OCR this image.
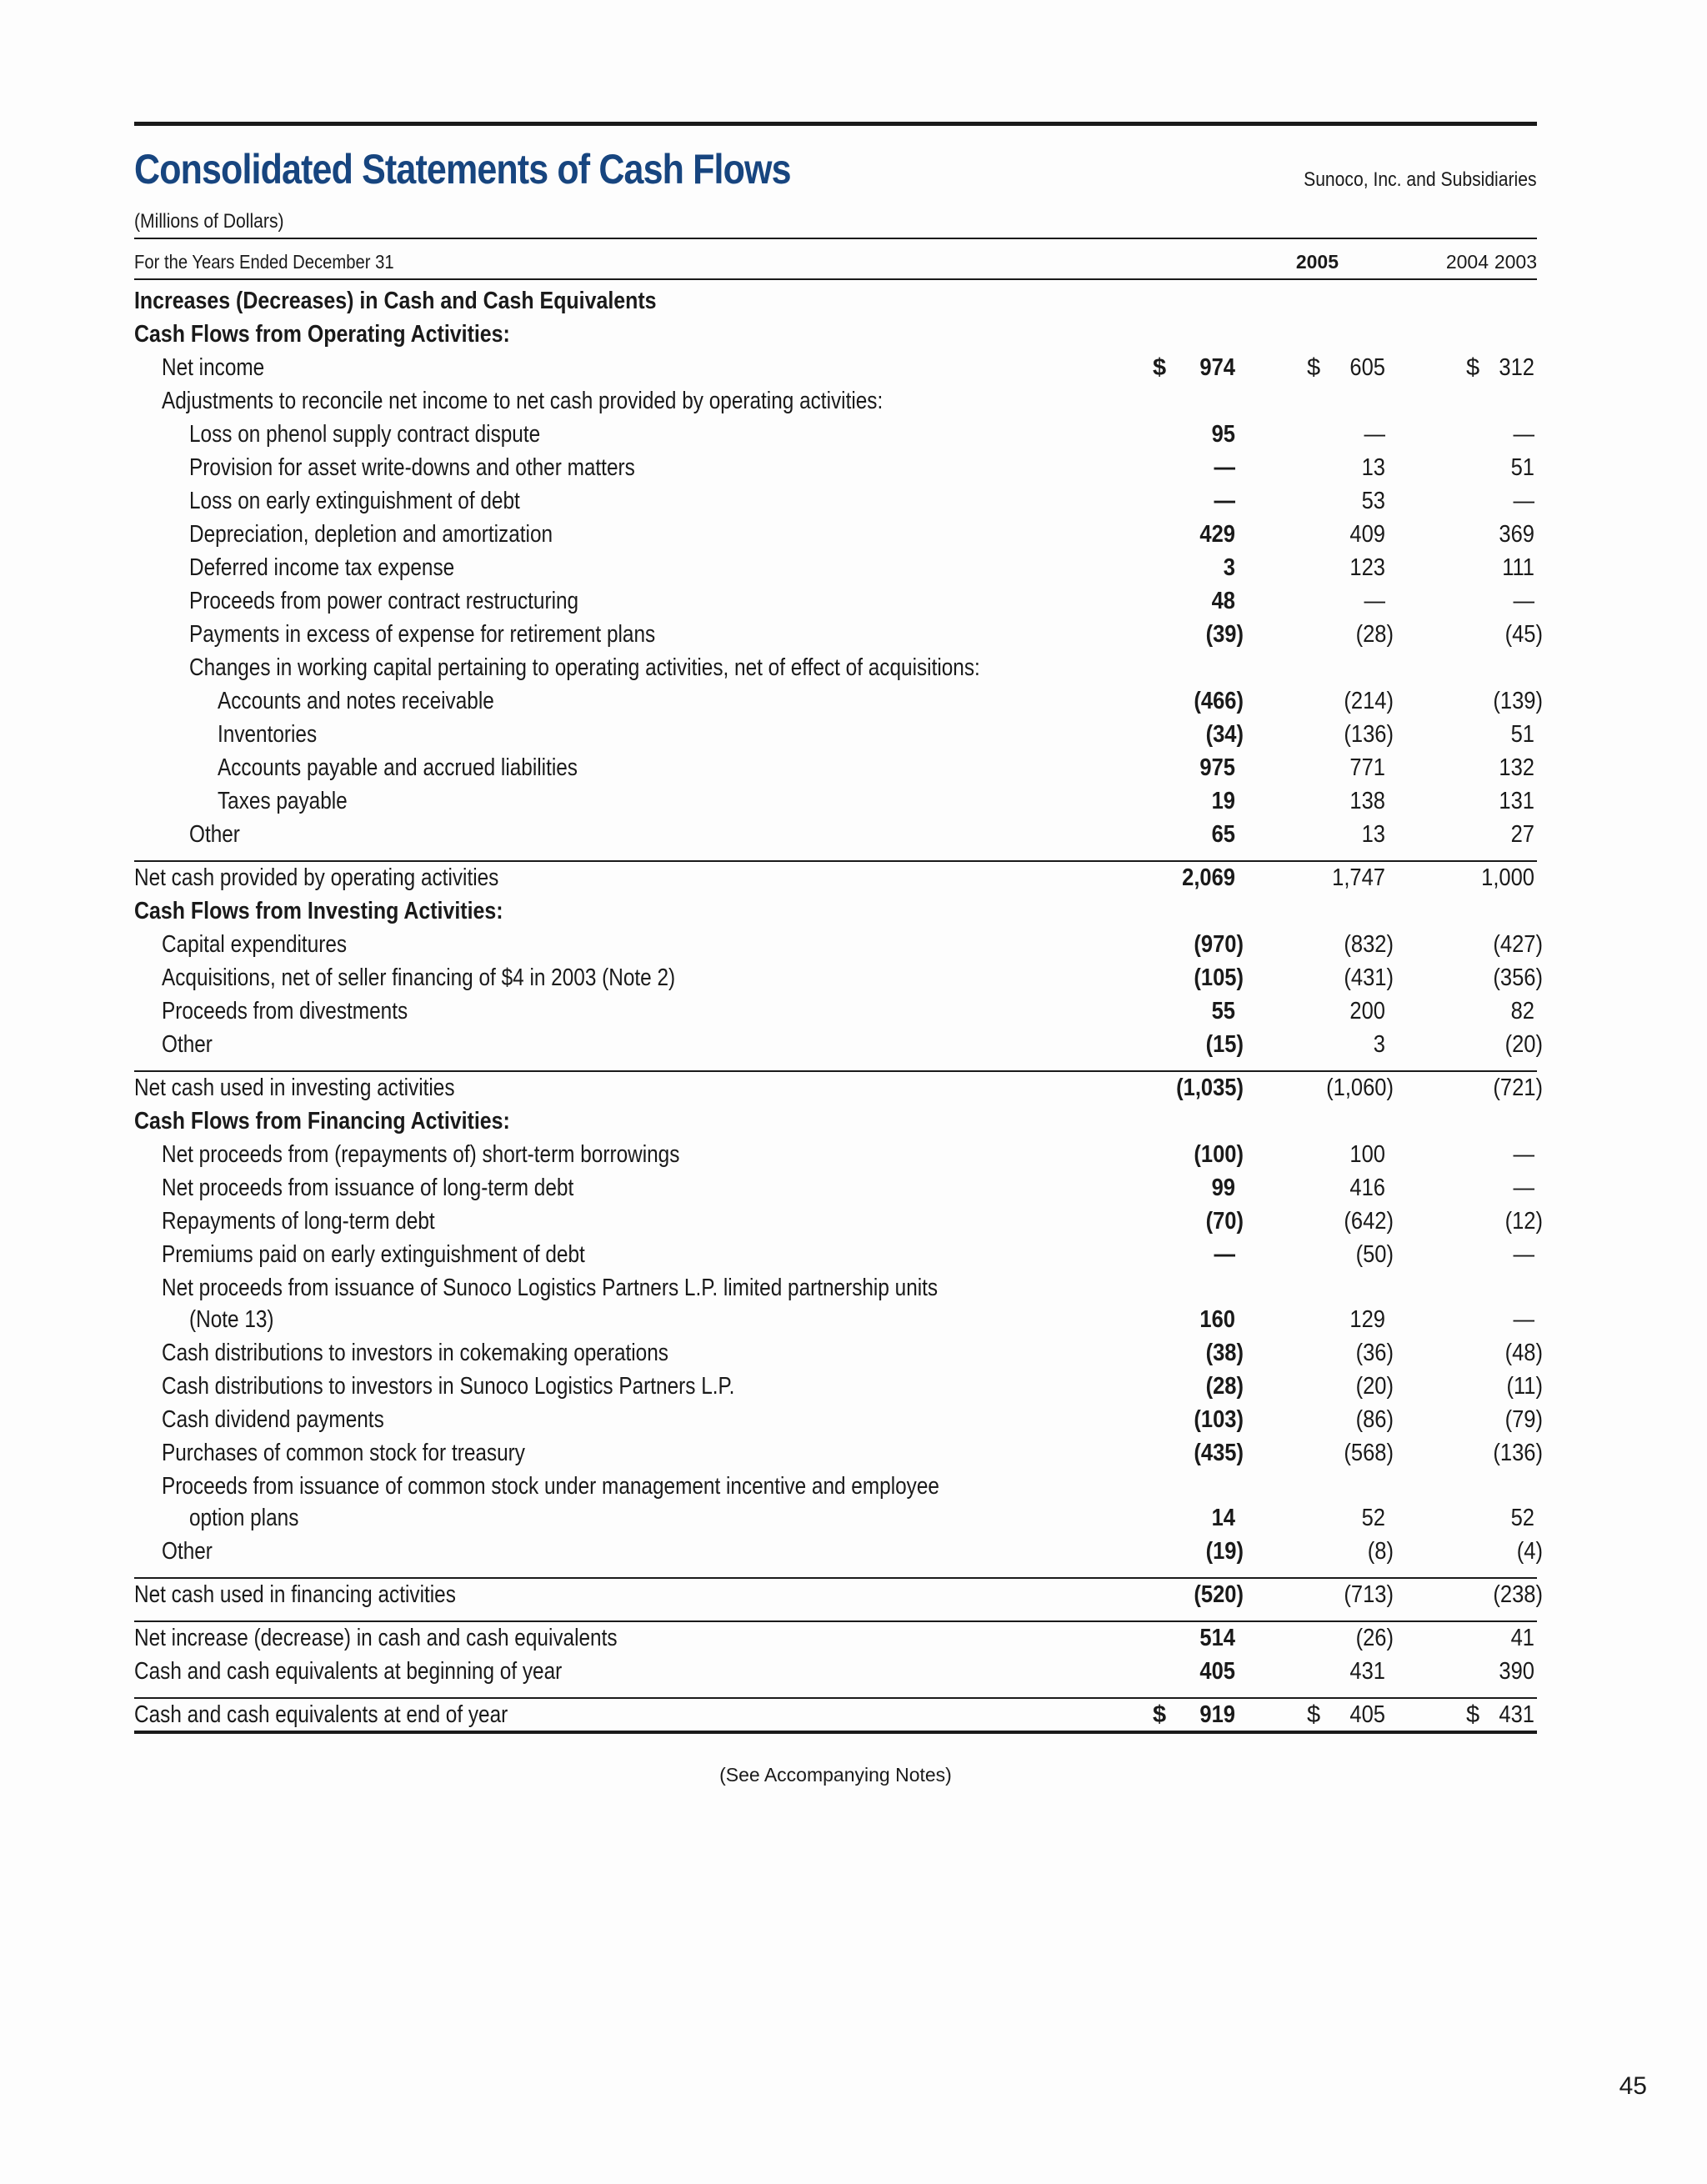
Consolidated Statements of Cash Flows	Sunoco, Inc. and Subsidiaries
(Millions of Dollars)
For the Years Ended December 31	2005	2004 2003
Increases (Decreases) in Cash and Cash Equivalents
Cash Flows from Operating Activities:
Net income	$	974	$	605	$ 312
Adjustments to reconcile net income to net cash provided by operating activities:
Loss on phenol supply contract dispute	95	—	—
Provision for asset write-downs and other matters	—	13	51
Loss on early extinguishment of debt	—	53	—
Depreciation, depletion and amortization	429	409	369
Deferred income tax expense	3	123	111
Proceeds from power contract restructuring	48	—	—
Payments in excess of expense for retirement plans	(39)	(28)	(45)
Changes in working capital pertaining to operating activities, net of effect of acquisitions:
Accounts and notes receivable	(466)	(214)	(139)
Inventories	(34)	(136)	51
Accounts payable and accrued liabilities	975	771	132
Taxes payable	19	138	131
Other	65	13	27
Net cash provided by operating activities	2,069	1,747	1,000
Cash Flows from Investing Activities:
Capital expenditures	(970)	(832)	(427)
Acquisitions, net of seller financing of $4 in 2003 (Note 2)	(105)	(431)	(356)
Proceeds from divestments	55	200	82
Other	(15)	3	(20)
Net cash used in investing activities	(1,035)	(1,060)	(721)
Cash Flows from Financing Activities:
Net proceeds from (repayments of) short-term borrowings	(100)	100	—
Net proceeds from issuance of long-term debt	99	416	—
Repayments of long-term debt	(70)	(642)	(12)
Premiums paid on early extinguishment of debt	—	(50)	—
Net proceeds from issuance of Sunoco Logistics Partners L.P. limited partnership units
(Note 13)	160	129	—
Cash distributions to investors in cokemaking operations	(38)	(36)	(48)
Cash distributions to investors in Sunoco Logistics Partners L.P.	(28)	(20)	(11)
Cash dividend payments	(103)	(86)	(79)
Purchases of common stock for treasury	(435)	(568)	(136)
Proceeds from issuance of common stock under management incentive and employee
option plans	14	52	52
Other	(19)	(8)	(4)
Net cash used in financing activities	(520)	(713)	(238)
Net increase (decrease) in cash and cash equivalents	514	(26)	41
Cash and cash equivalents at beginning of year	405	431	390
Cash and cash equivalents at end of year	$	919	$	405	$ 431
(See Accompanying Notes)
45
